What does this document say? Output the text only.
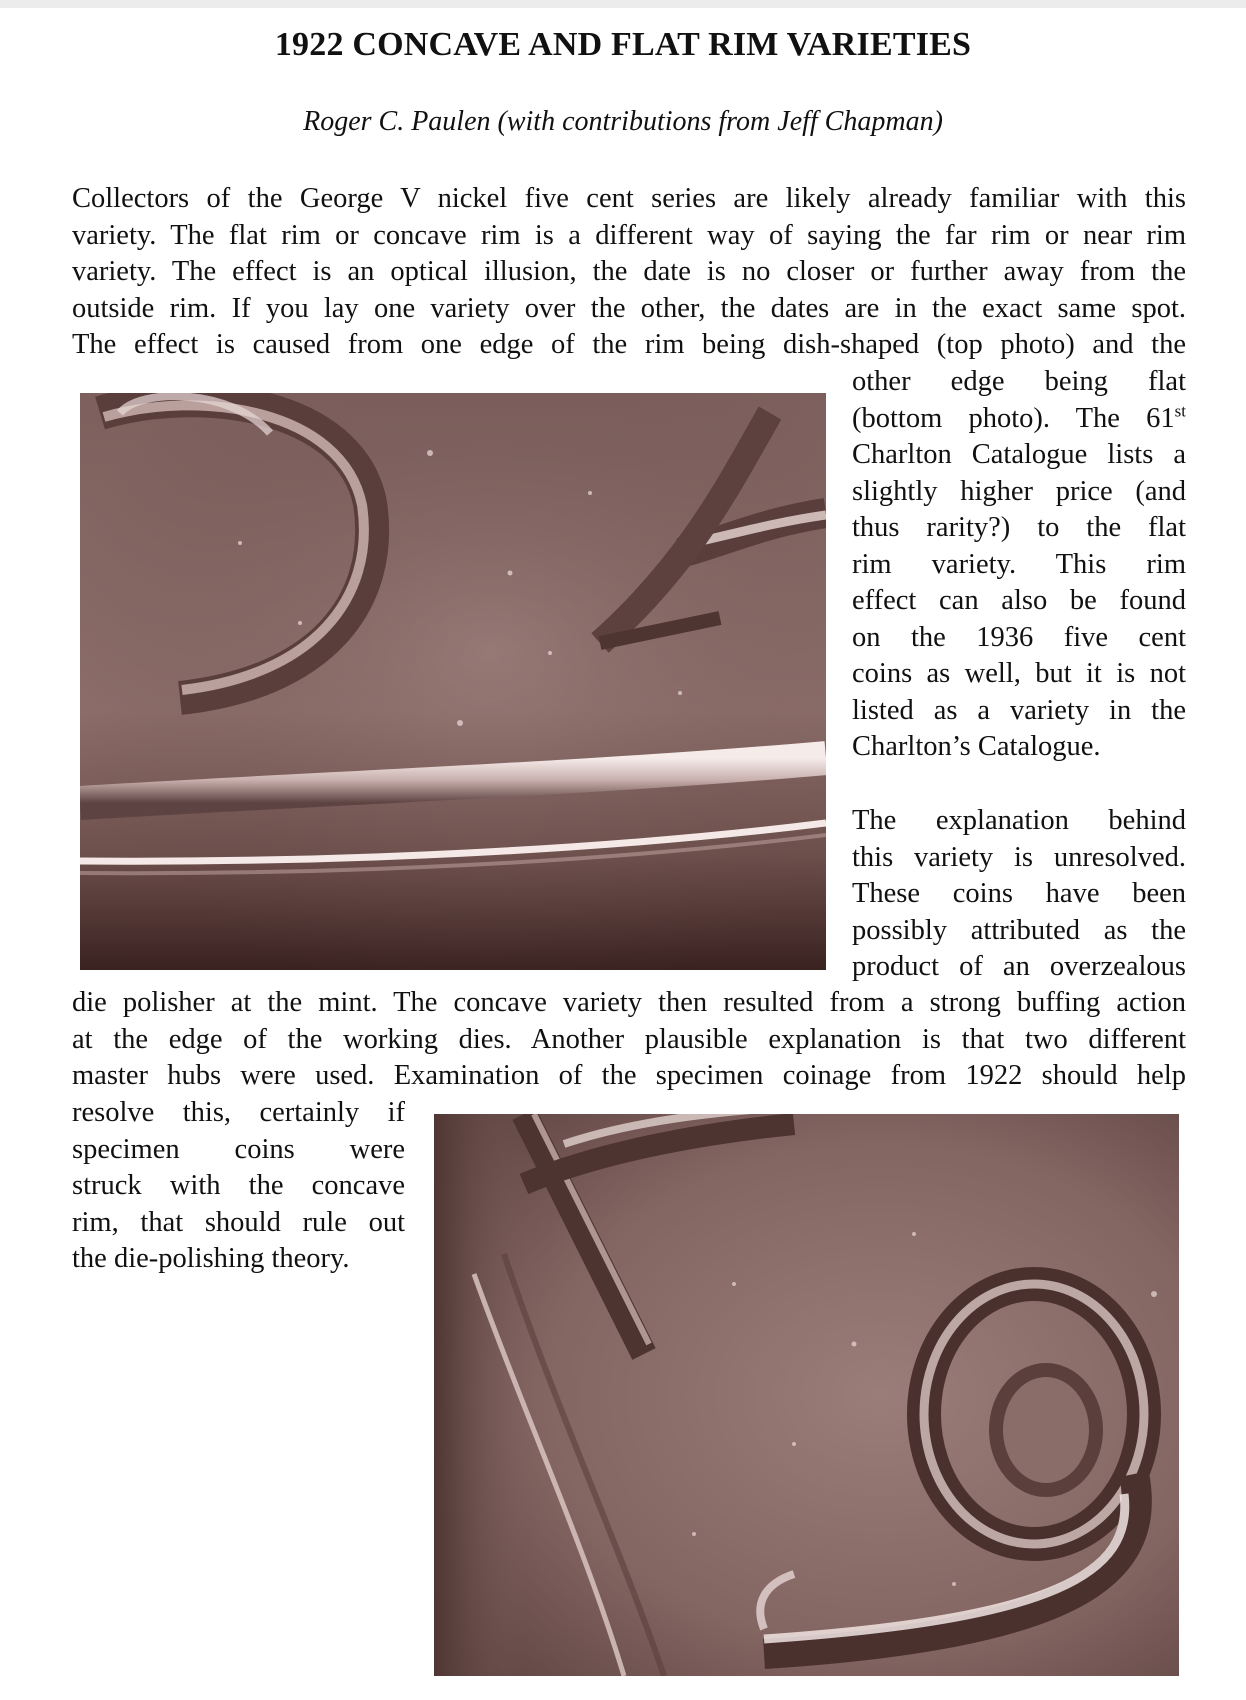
1922 CONCAVE AND FLAT RIM VARIETIES
Roger C. Paulen (with contributions from Jeff Chapman)
Collectors of the George V nickel five cent series are likely already familiar with this
variety. The flat rim or concave rim is a different way of saying the far rim or near rim
variety. The effect is an optical illusion, the date is no closer or further away from the
outside rim. If you lay one variety over the other, the dates are in the exact same spot.
The effect is caused from one edge of the rim being dish-shaped (top photo) and the
other edge being flat
(bottom photo). The 61st
Charlton Catalogue lists a
slightly higher price (and
thus rarity?) to the flat
rim variety. This rim
effect can also be found
on the 1936 five cent
coins as well, but it is not
listed as a variety in the
Charlton’s Catalogue.
The explanation behind
this variety is unresolved.
These coins have been
possibly attributed as the
product of an overzealous
die polisher at the mint. The concave variety then resulted from a strong buffing action
at the edge of the working dies. Another plausible explanation is that two different
master hubs were used. Examination of the specimen coinage from 1922 should help
resolve this, certainly if
specimen coins were
struck with the concave
rim, that should rule out
the die-polishing theory.
